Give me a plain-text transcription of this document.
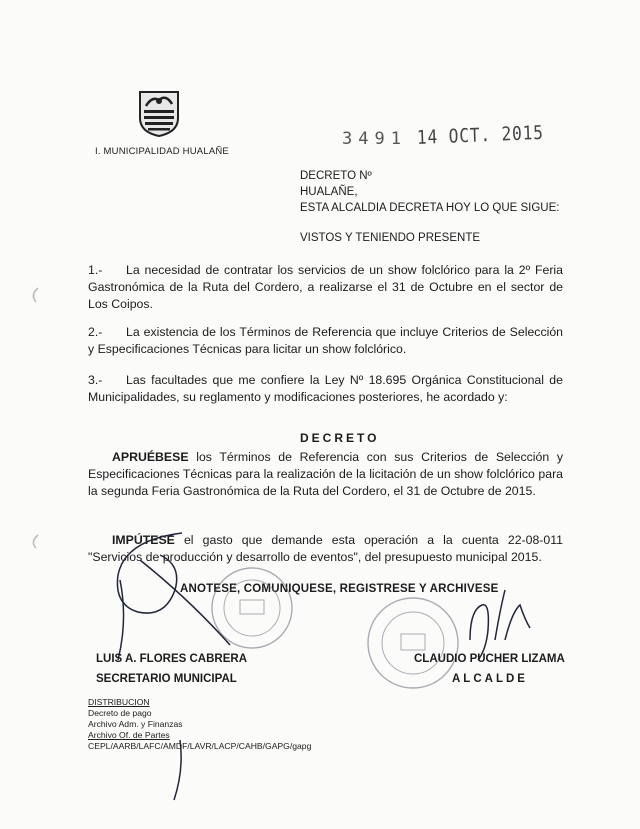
I. MUNICIPALIDAD HUALAÑE
3491 14 OCT. 2015
DECRETO Nº
HUALAÑE,
ESTA ALCALDIA DECRETA HOY LO QUE SIGUE:
VISTOS Y TENIENDO PRESENTE
1.- La necesidad de contratar los servicios de un show folclórico para la 2º Feria Gastronómica de la Ruta del Cordero, a realizarse el 31 de Octubre en el sector de Los Coipos.
2.- La existencia de los Términos de Referencia que incluye Criterios de Selección y Especificaciones Técnicas para licitar un show folclórico.
3.- Las facultades que me confiere la Ley Nº 18.695 Orgánica Constitucional de Municipalidades, su reglamento y modificaciones posteriores, he acordado y:
DECRETO
APRUÉBESE los Términos de Referencia con sus Criterios de Selección y Especificaciones Técnicas para la realización de la licitación de un show folclórico para la segunda Feria Gastronómica de la Ruta del Cordero, el 31 de Octubre de 2015.
IMPÚTESE el gasto que demande esta operación a la cuenta 22-08-011 "Servicios de producción y desarrollo de eventos", del presupuesto municipal 2015.
ANOTESE, COMUNIQUESE, REGISTRESE Y ARCHIVESE
LUIS A. FLORES CABRERA
SECRETARIO MUNICIPAL
CLAUDIO PUCHER LIZAMA
ALCALDE
DISTRIBUCION
Decreto de pago
Archivo Adm. y Finanzas
Archivo Of. de Partes
CEPL/AARB/LAFC/AMDF/LAVR/LACP/CAHB/GAPG/gapg
